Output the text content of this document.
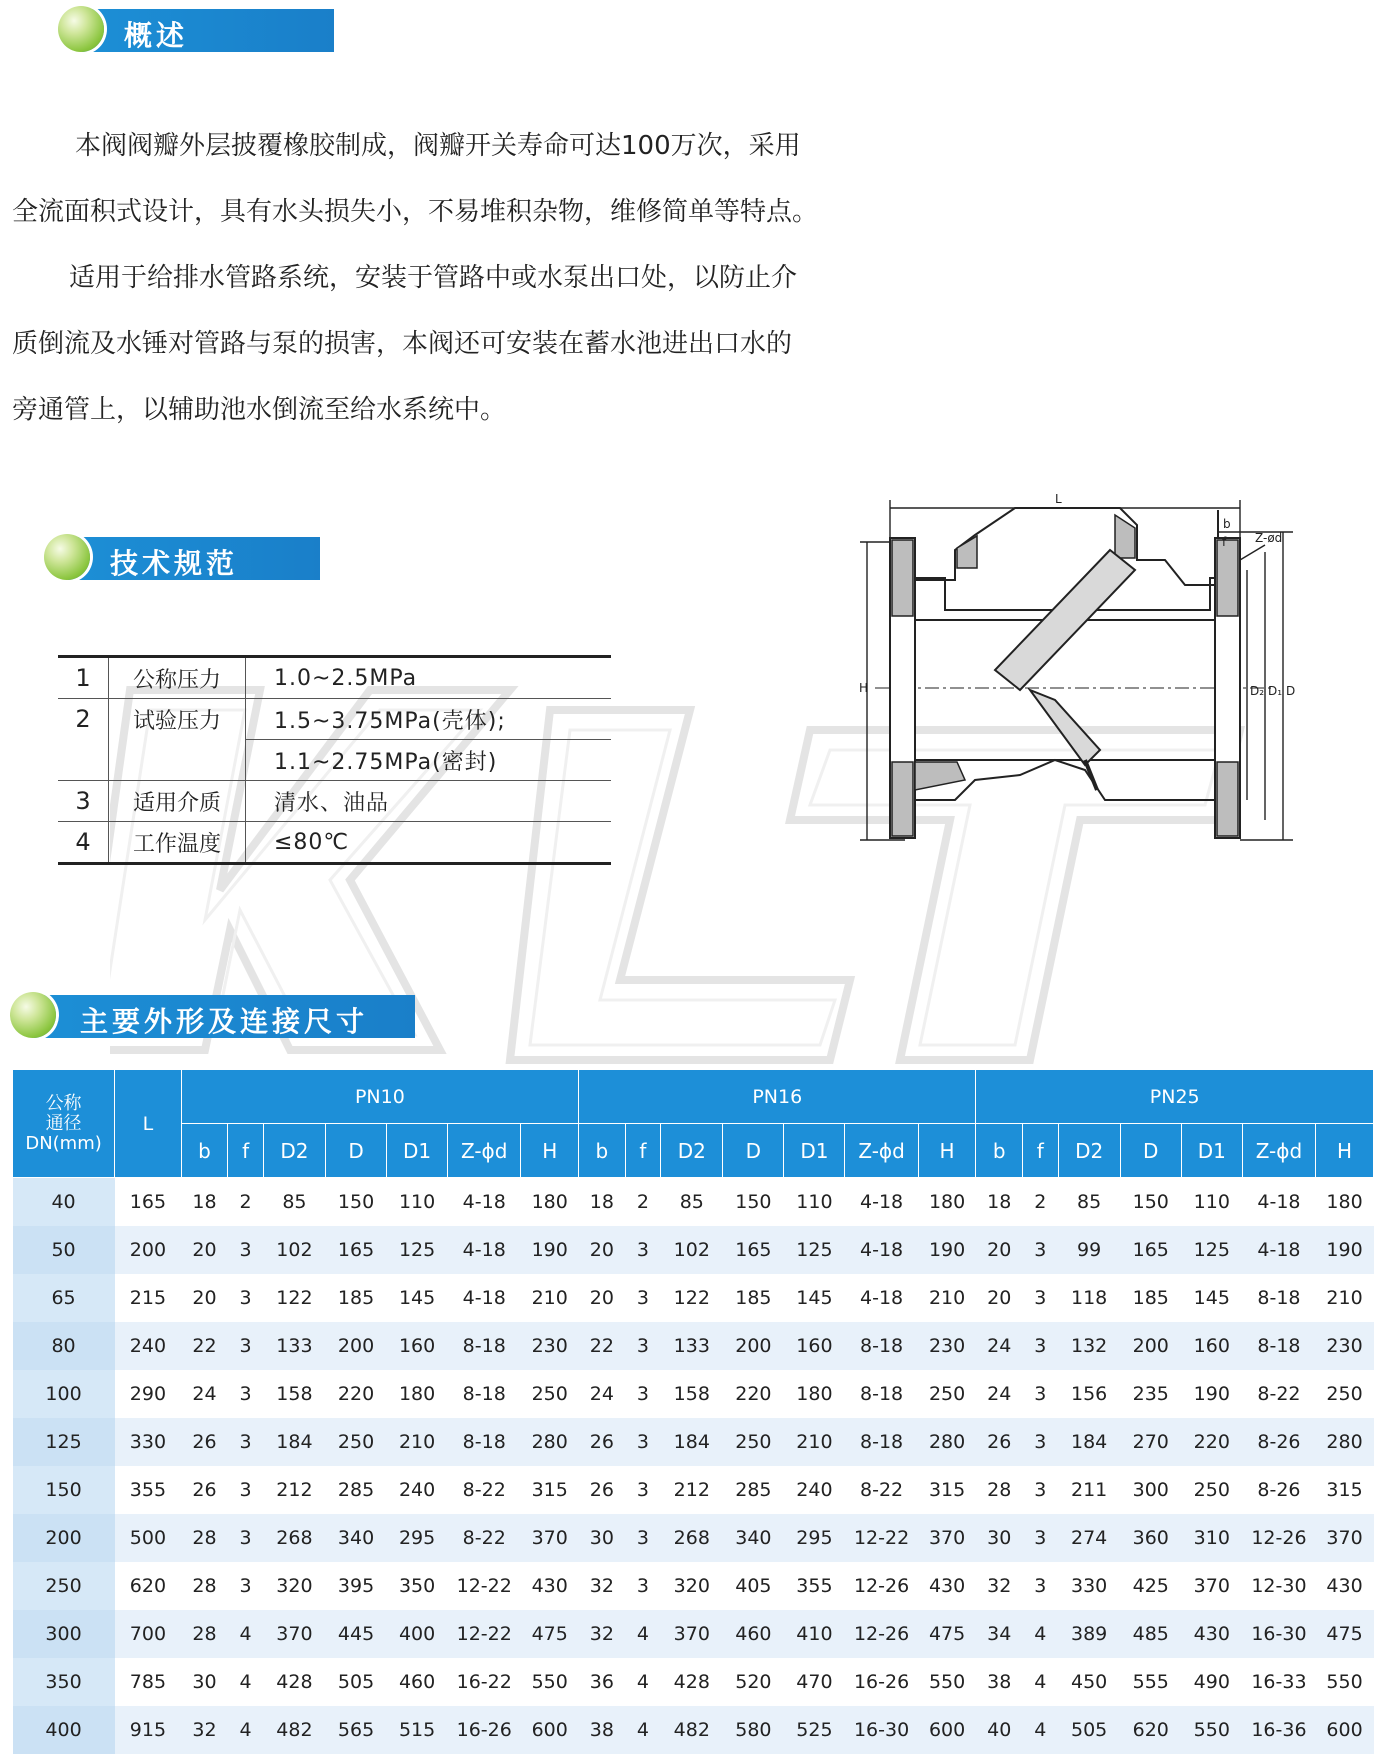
概述

本阀阀瓣外层披覆橡胶制成，阀瓣开关寿命可达100万次，采用

全流面积式设计，具有水头损失小，不易堆积杂物，维修简单等特点。

适用于给排水管路系统，安装于管路中或水泵出口处，以防止介

质倒流及水锤对管路与泵的损害，本阀还可安装在蓄水池进出口水的

旁通管上，以辅助池水倒流至给水系统中。

技术规范
1	公称压力	1.0~2.5MPa
2	试验压力	1.5~3.75MPa(壳体);
		1.1~2.75MPa(密封)
3	适用介质	清水、油品
4	工作温度	≤80℃
L
b
f Z-ød
H	D₂ D₁ D
主要外形及连接尺寸
公称
通径
DN(mm)	L	PN10							PN16							PN25						
		b	f	D2	D	D1	Z-ϕd	H	b	f	D2	D	D1	Z-ϕd	H	b	f	D2	D	D1	Z-ϕd	H
40	165	18	2	85	150	110	4-18	180	18	2	85	150	110	4-18	180	18	2	85	150	110	4-18	180
50	200	20	3	102	165	125	4-18	190	20	3	102	165	125	4-18	190	20	3	99	165	125	4-18	190
65	215	20	3	122	185	145	4-18	210	20	3	122	185	145	4-18	210	20	3	118	185	145	8-18	210
80	240	22	3	133	200	160	8-18	230	22	3	133	200	160	8-18	230	24	3	132	200	160	8-18	230
100	290	24	3	158	220	180	8-18	250	24	3	158	220	180	8-18	250	24	3	156	235	190	8-22	250
125	330	26	3	184	250	210	8-18	280	26	3	184	250	210	8-18	280	26	3	184	270	220	8-26	280
150	355	26	3	212	285	240	8-22	315	26	3	212	285	240	8-22	315	28	3	211	300	250	8-26	315
200	500	28	3	268	340	295	8-22	370	30	3	268	340	295	12-22	370	30	3	274	360	310	12-26	370
250	620	28	3	320	395	350	12-22	430	32	3	320	405	355	12-26	430	32	3	330	425	370	12-30	430
300	700	28	4	370	445	400	12-22	475	32	4	370	460	410	12-26	475	34	4	389	485	430	16-30	475
350	785	30	4	428	505	460	16-22	550	36	4	428	520	470	16-26	550	38	4	450	555	490	16-33	550
400	915	32	4	482	565	515	16-26	600	38	4	482	580	525	16-30	600	40	4	505	620	550	16-36	600
